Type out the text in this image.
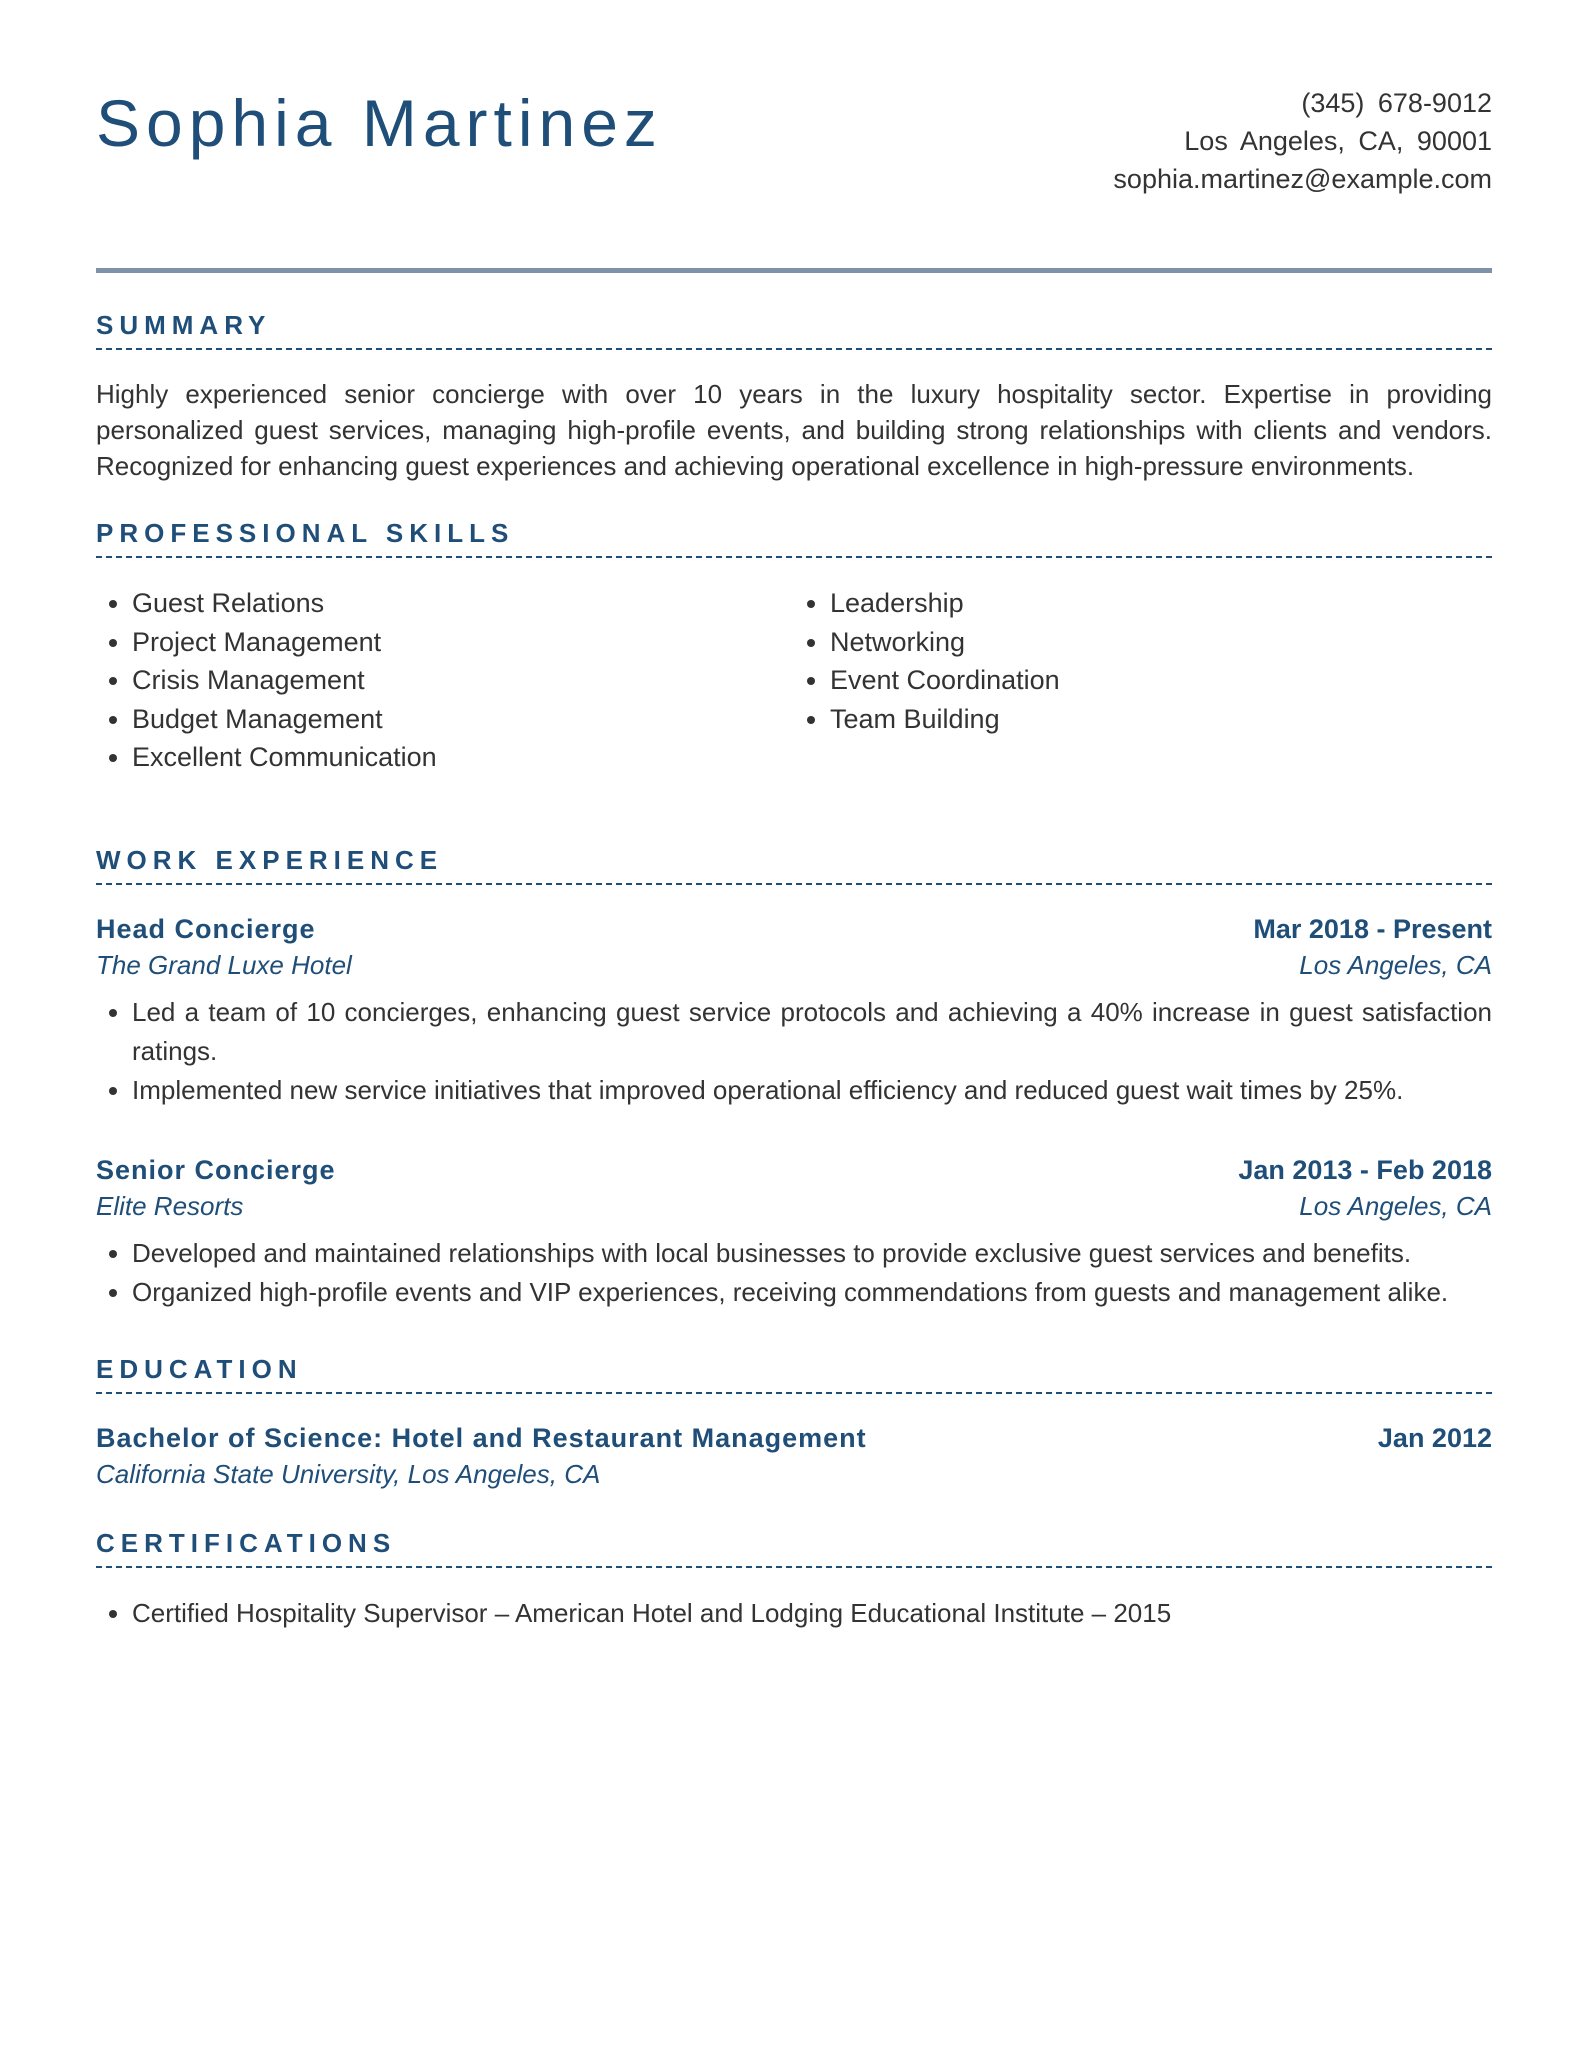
Sophia Martinez	(345) 678-9012
Los Angeles, CA, 90001
sophia.martinez@example.com
SUMMARY

Highly experienced senior concierge with over 10 years in the luxury hospitality sector. Expertise in providing personalized guest services, managing high-profile events, and building strong relationships with clients and vendors. Recognized for enhancing guest experiences and achieving operational excellence in high-pressure environments.

PROFESSIONAL SKILLS
• Guest Relations
• Project Management
• Crisis Management
• Budget Management
• Excellent Communication
• Leadership
• Networking
• Event Coordination
• Team Building
WORK EXPERIENCE
Head Concierge	Mar 2018 - Present
The Grand Luxe Hotel	Los Angeles, CA
• Led a team of 10 concierges, enhancing guest service protocols and achieving a 40% increase in guest satisfaction ratings.
• Implemented new service initiatives that improved operational efficiency and reduced guest wait times by 25%.
Senior Concierge	Jan 2013 - Feb 2018
Elite Resorts	Los Angeles, CA
• Developed and maintained relationships with local businesses to provide exclusive guest services and benefits.
• Organized high-profile events and VIP experiences, receiving commendations from guests and management alike.
EDUCATION
Bachelor of Science: Hotel and Restaurant Management	Jan 2012
California State University, Los Angeles, CA
CERTIFICATIONS
• Certified Hospitality Supervisor – American Hotel and Lodging Educational Institute – 2015
